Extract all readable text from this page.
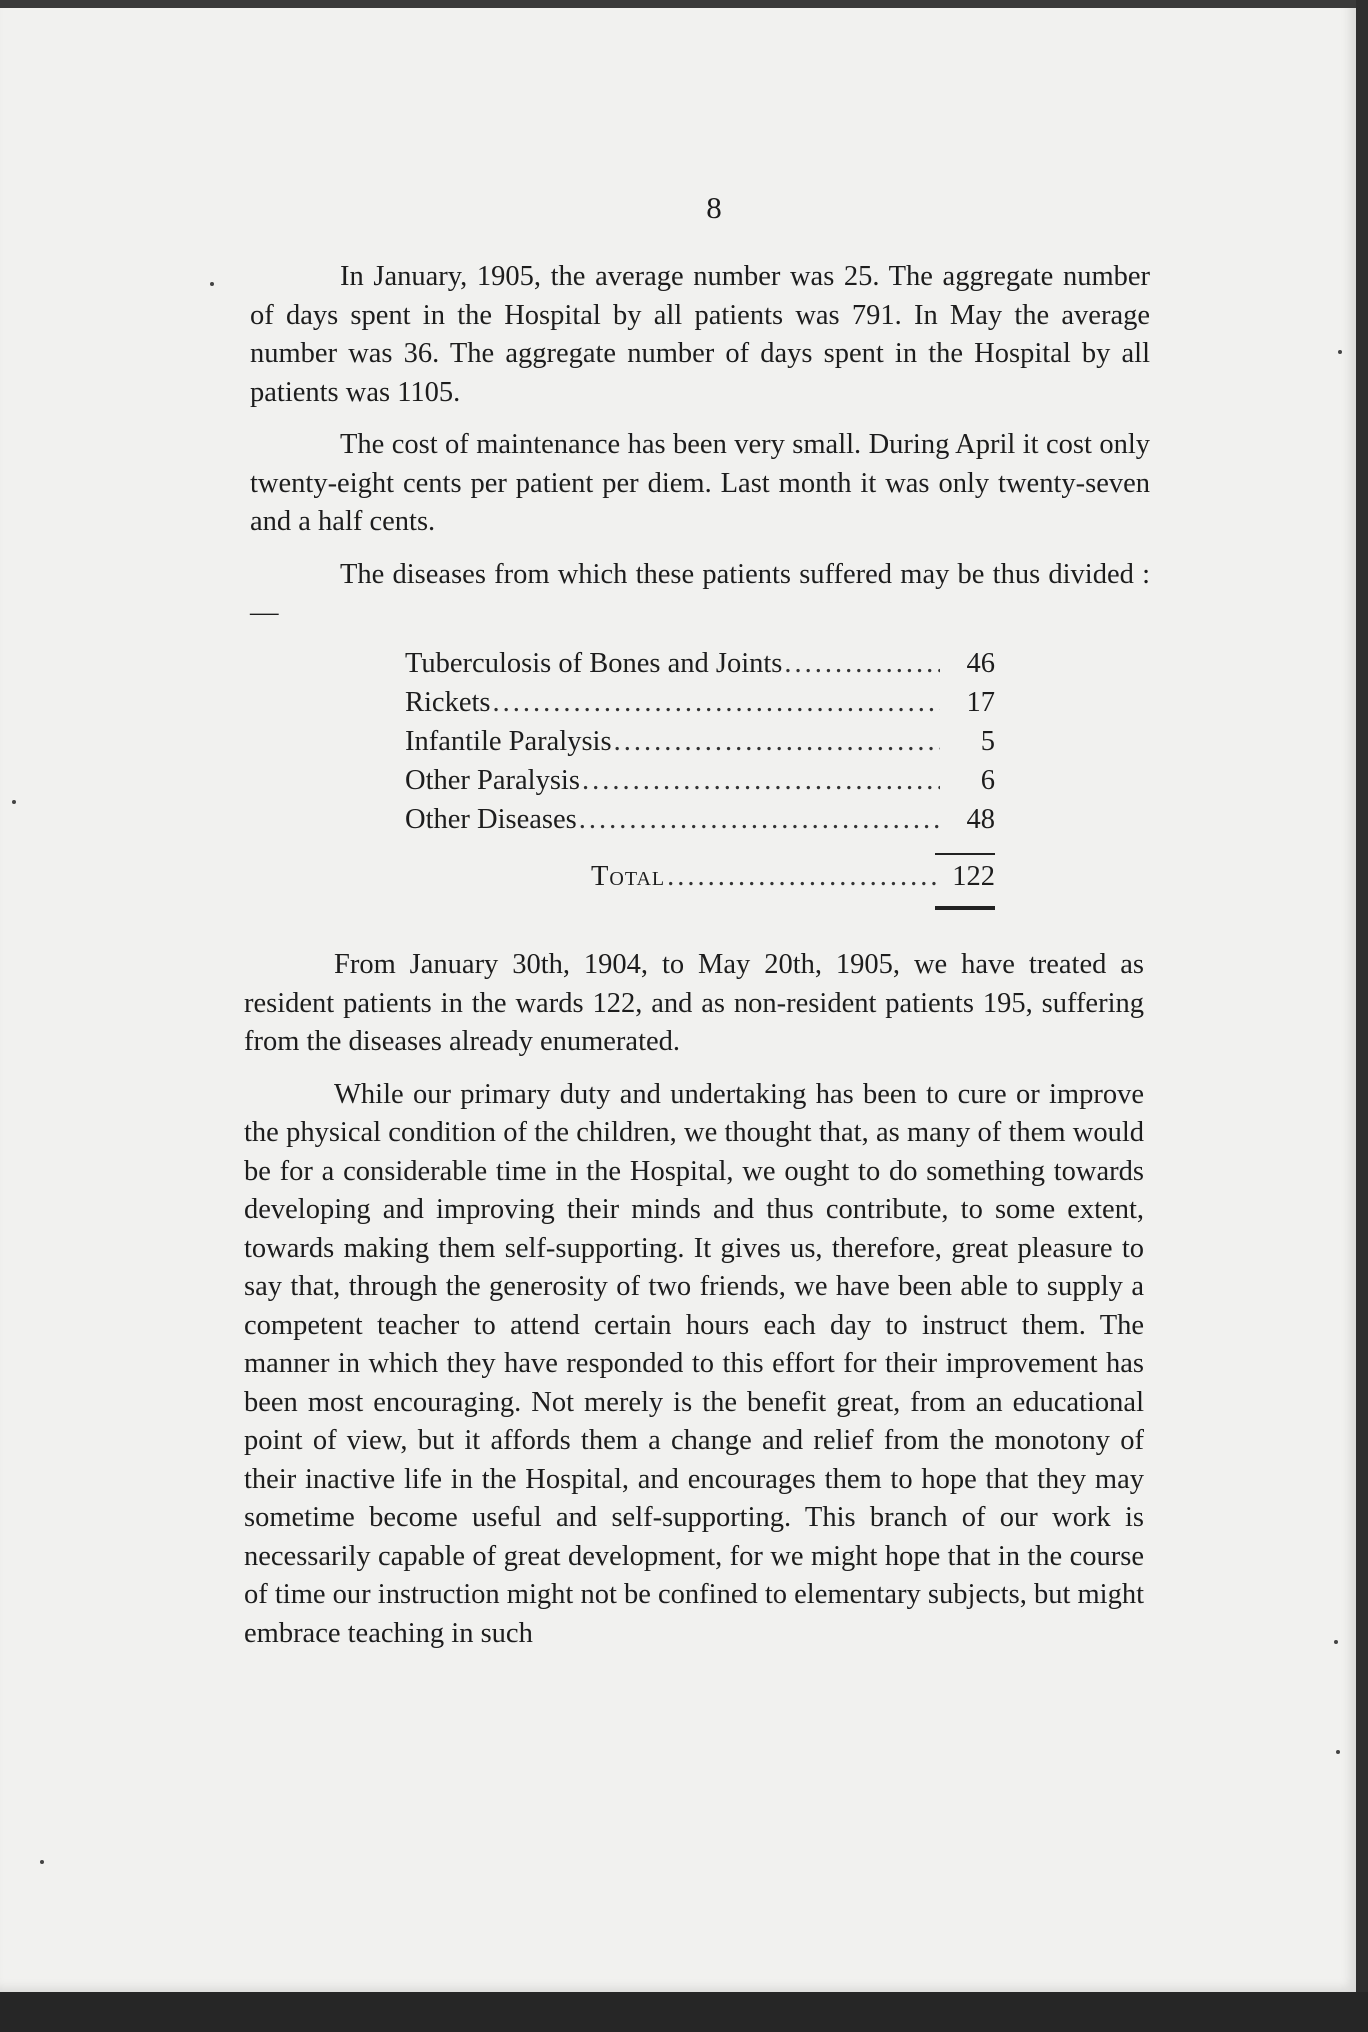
8

In January, 1905, the average number was 25. The aggregate number of days spent in the Hospital by all patients was 791. In May the average number was 36. The aggregate number of days spent in the Hospital by all patients was 1105.

The cost of maintenance has been very small. During April it cost only twenty-eight cents per patient per diem. Last month it was only twenty-seven and a half cents.

The diseases from which these patients suffered may be thus divided :—

Tuberculosis of Bones and Joints .....	46
Rickets .....	17
Infantile Paralysis .....	5
Other Paralysis .....	6
Other Diseases .....	48
Total .....	122

From January 30th, 1904, to May 20th, 1905, we have treated as resident patients in the wards 122, and as non-resident patients 195, suffering from the diseases already enumerated.

While our primary duty and undertaking has been to cure or improve the physical condition of the children, we thought that, as many of them would be for a considerable time in the Hospital, we ought to do something towards developing and improving their minds and thus contribute, to some extent, towards making them self-supporting. It gives us, therefore, great pleasure to say that, through the generosity of two friends, we have been able to supply a competent teacher to attend certain hours each day to instruct them. The manner in which they have responded to this effort for their improvement has been most encouraging. Not merely is the benefit great, from an educational point of view, but it affords them a change and relief from the monotony of their inactive life in the Hospital, and encourages them to hope that they may sometime become useful and self-supporting. This branch of our work is necessarily capable of great development, for we might hope that in the course of time our instruction might not be confined to elementary subjects, but might embrace teaching in such
